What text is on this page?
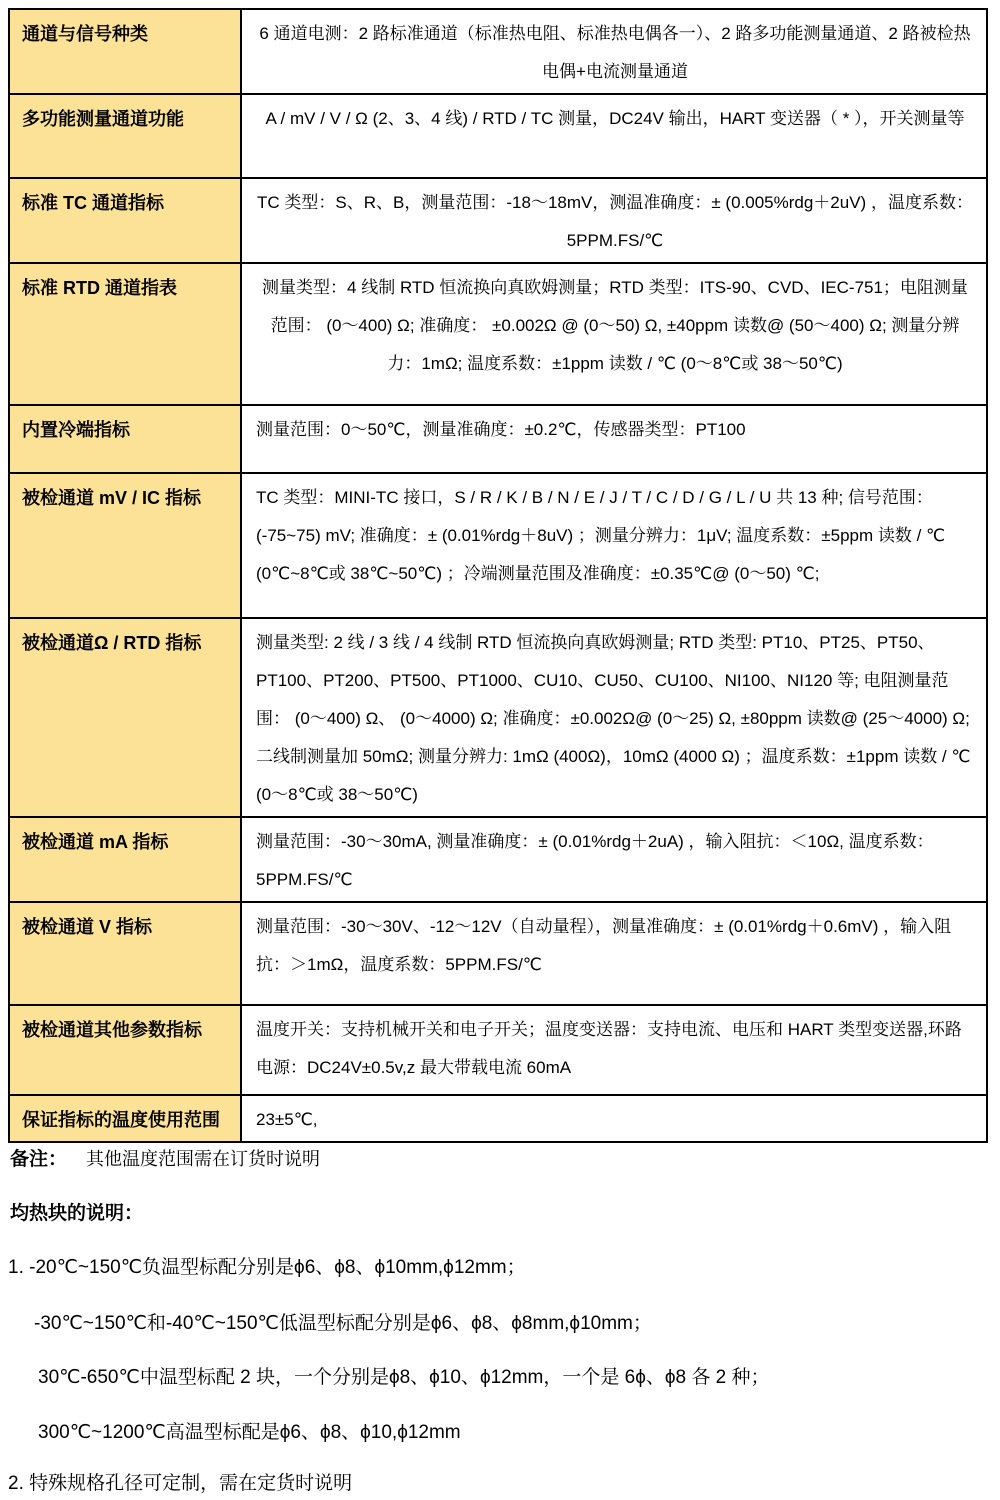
通道与信号种类	6 通道电测：2 路标准通道（标准热电阻、标准热电偶各一）、2 路多功能测量通道、2 路被检热电偶+电流测量通道
多功能测量通道功能	A / mV / V / Ω (2、3、4 线) / RTD / TC 测量，DC24V 输出，HART 变送器（ * ），开关测量等
标准 TC 通道指标	TC 类型：S、R、B，测量范围：-18～18mV，测温准确度：± (0.005%rdg＋2uV) ，温度系数：5PPM.FS/℃
标准 RTD 通道指表	测量类型：4 线制 RTD 恒流换向真欧姆测量；RTD 类型：ITS-90、CVD、IEC-751；电阻测量范围： (0～400) Ω; 准确度： ±0.002Ω @ (0～50) Ω, ±40ppm 读数@ (50～400) Ω; 测量分辨力：1mΩ; 温度系数：±1ppm 读数 / ℃ (0～8℃或 38～50℃)
内置冷端指标	测量范围：0～50℃，测量准确度：±0.2℃，传感器类型：PT100
被检通道 mV / IC 指标	TC 类型：MINI-TC 接口，S / R / K / B / N / E / J / T / C / D / G / L / U 共 13 种; 信号范围： (-75~75) mV; 准确度：± (0.01%rdg＋8uV) ；测量分辨力：1μV; 温度系数：±5ppm 读数 / ℃ (0℃~8℃或 38℃~50℃) ；冷端测量范围及准确度：±0.35℃@ (0～50) ℃;
被检通道Ω / RTD 指标	测量类型: 2 线 / 3 线 / 4 线制 RTD 恒流换向真欧姆测量; RTD 类型: PT10、PT25、PT50、PT100、PT200、PT500、PT1000、CU10、CU50、CU100、NI100、NI120 等; 电阻测量范围： (0～400) Ω、 (0～4000) Ω; 准确度：±0.002Ω@ (0～25) Ω, ±80ppm 读数@ (25～4000) Ω; 二线制测量加 50mΩ; 测量分辨力: 1mΩ (400Ω)，10mΩ (4000 Ω) ；温度系数：±1ppm 读数 / ℃ (0～8℃或 38～50℃)
被检通道 mA 指标	测量范围：-30～30mA, 测量准确度：± (0.01%rdg＋2uA) ，输入阻抗：＜10Ω, 温度系数：5PPM.FS/℃
被检通道 V 指标	测量范围：-30～30V、-12～12V（自动量程），测量准确度：± (0.01%rdg＋0.6mV) ，输入阻抗：＞1mΩ，温度系数：5PPM.FS/℃
被检通道其他参数指标	温度开关：支持机械开关和电子开关；温度变送器：支持电流、电压和 HART 类型变送器,环路电源：DC24V±0.5v,z 最大带载电流 60mA
保证指标的温度使用范围	23±5℃,
备注： 其他温度范围需在订货时说明
均热块的说明：
1. -20℃~150℃负温型标配分别是ϕ6、ϕ8、ϕ10mm,ϕ12mm；
-30℃~150℃和-40℃~150℃低温型标配分别是ϕ6、ϕ8、ϕ8mm,ϕ10mm；
30℃-650℃中温型标配 2 块，一个分别是ϕ8、ϕ10、ϕ12mm，一个是 6ϕ、ϕ8 各 2 种；
300℃~1200℃高温型标配是ϕ6、ϕ8、ϕ10,ϕ12mm
2. 特殊规格孔径可定制，需在定货时说明
